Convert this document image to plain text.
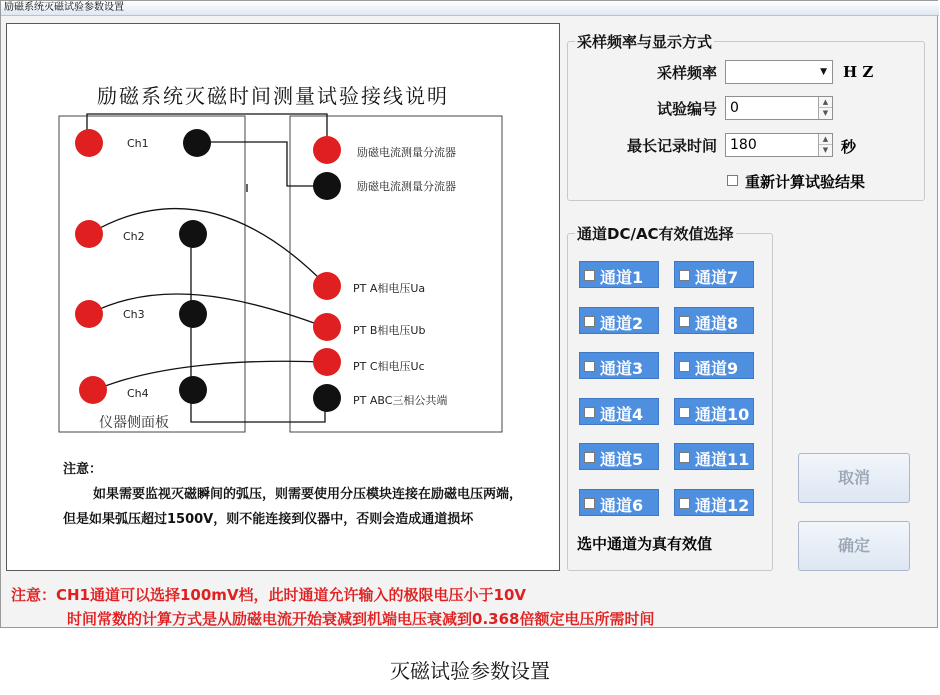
励磁系统灭磁试验参数设置
励磁系统灭磁时间测量试验接线说明
Ch1
Ch2
Ch3
Ch4
仪器侧面板
励磁电流测量分流器
励磁电流测量分流器
PT A相电压Ua
PT B相电压Ub
PT C相电压Uc
PT ABC三相公共端
注意：
如果需要监视灭磁瞬间的弧压，则需要使用分压模块连接在励磁电压两端，但是如果弧压超过1500V，则不能连接到仪器中，否则会造成通道损坏
采样频率与显示方式
采样频率	▼ H Z
试验编号 0	▲
▼
最长记录时间 180	▲
▼ 秒
重新计算试验结果
通道DC/AC有效值选择
通道1
通道2
通道3
通道4
通道5
通道6
通道7
通道8
通道9
通道10
通道11
通道12
选中通道为真有效值
取消
确定
注意：CH1通道可以选择100mV档，此时通道允许输入的极限电压小于10V
时间常数的计算方式是从励磁电流开始衰减到机端电压衰减到0.368倍额定电压所需时间
灭磁试验参数设置
